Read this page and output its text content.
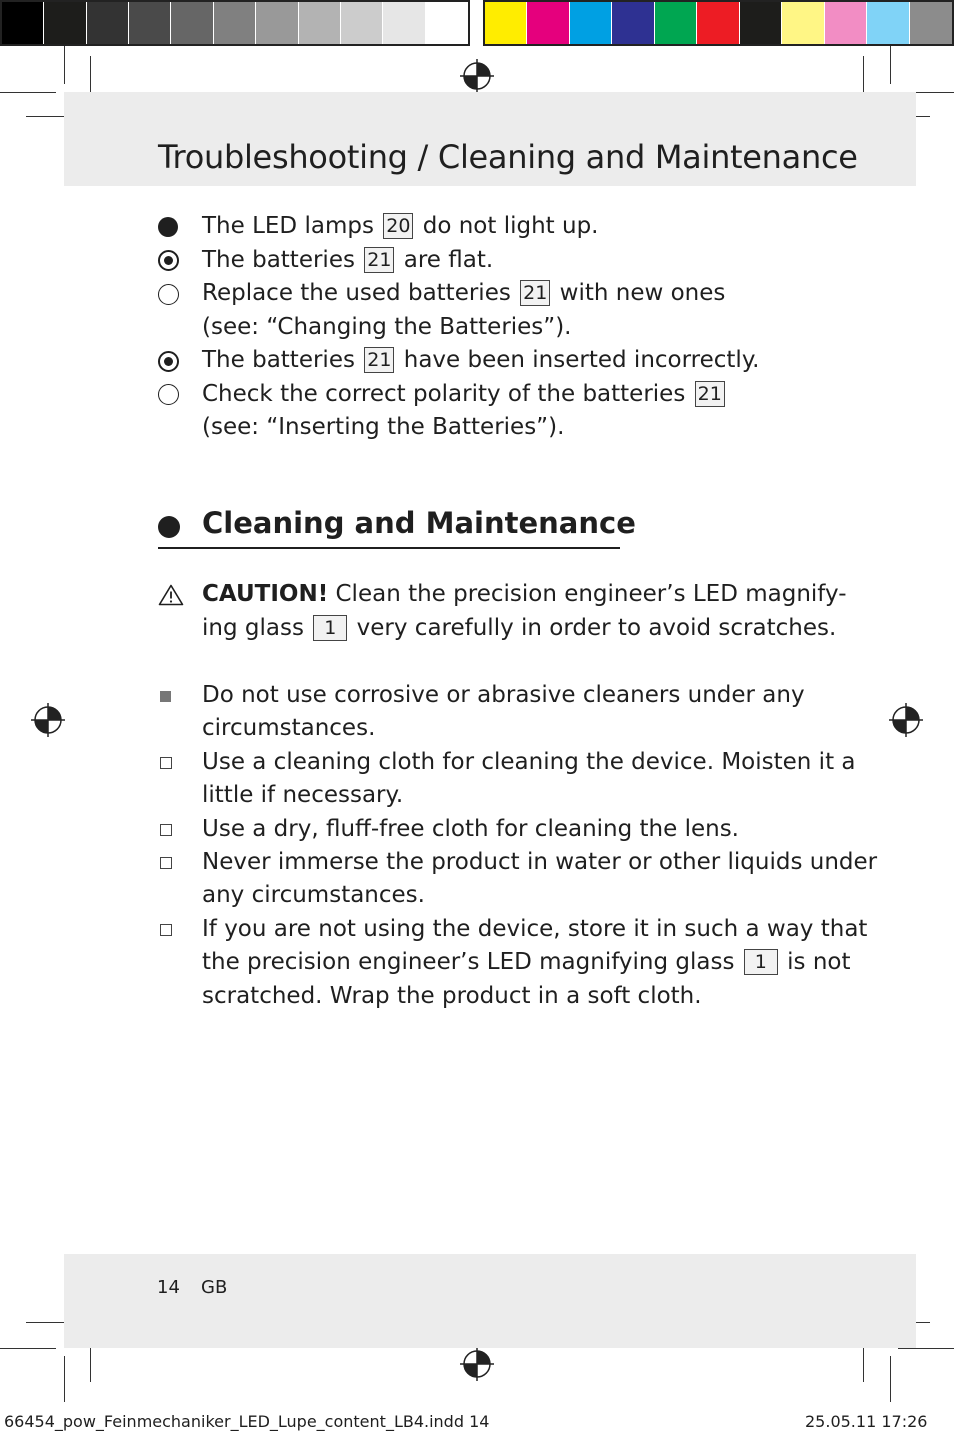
Troubleshooting / Cleaning and Maintenance
The LED lamps 20 do not light up.
The batteries 21 are flat.
Replace the used batteries 21 with new ones
(see: “Changing the Batteries”).
The batteries 21 have been inserted incorrectly.
Check the correct polarity of the batteries 21
(see: “Inserting the Batteries”).
Cleaning and Maintenance
CAUTION! Clean the precision engineer’s LED magnify-
ing glass 1 very carefully in order to avoid scratches.
Do not use corrosive or abrasive cleaners under any
circumstances.
Use a cleaning cloth for cleaning the device. Moisten it a
little if necessary.
Use a dry, fluff-free cloth for cleaning the lens.
Never immerse the product in water or other liquids under
any circumstances.
If you are not using the device, store it in such a way that
the precision engineer’s LED magnifying glass 1 is not
scratched. Wrap the product in a soft cloth.
14 GB
66454_pow_Feinmechaniker_LED_Lupe_content_LB4.indd 14	25.05.11 17:26
